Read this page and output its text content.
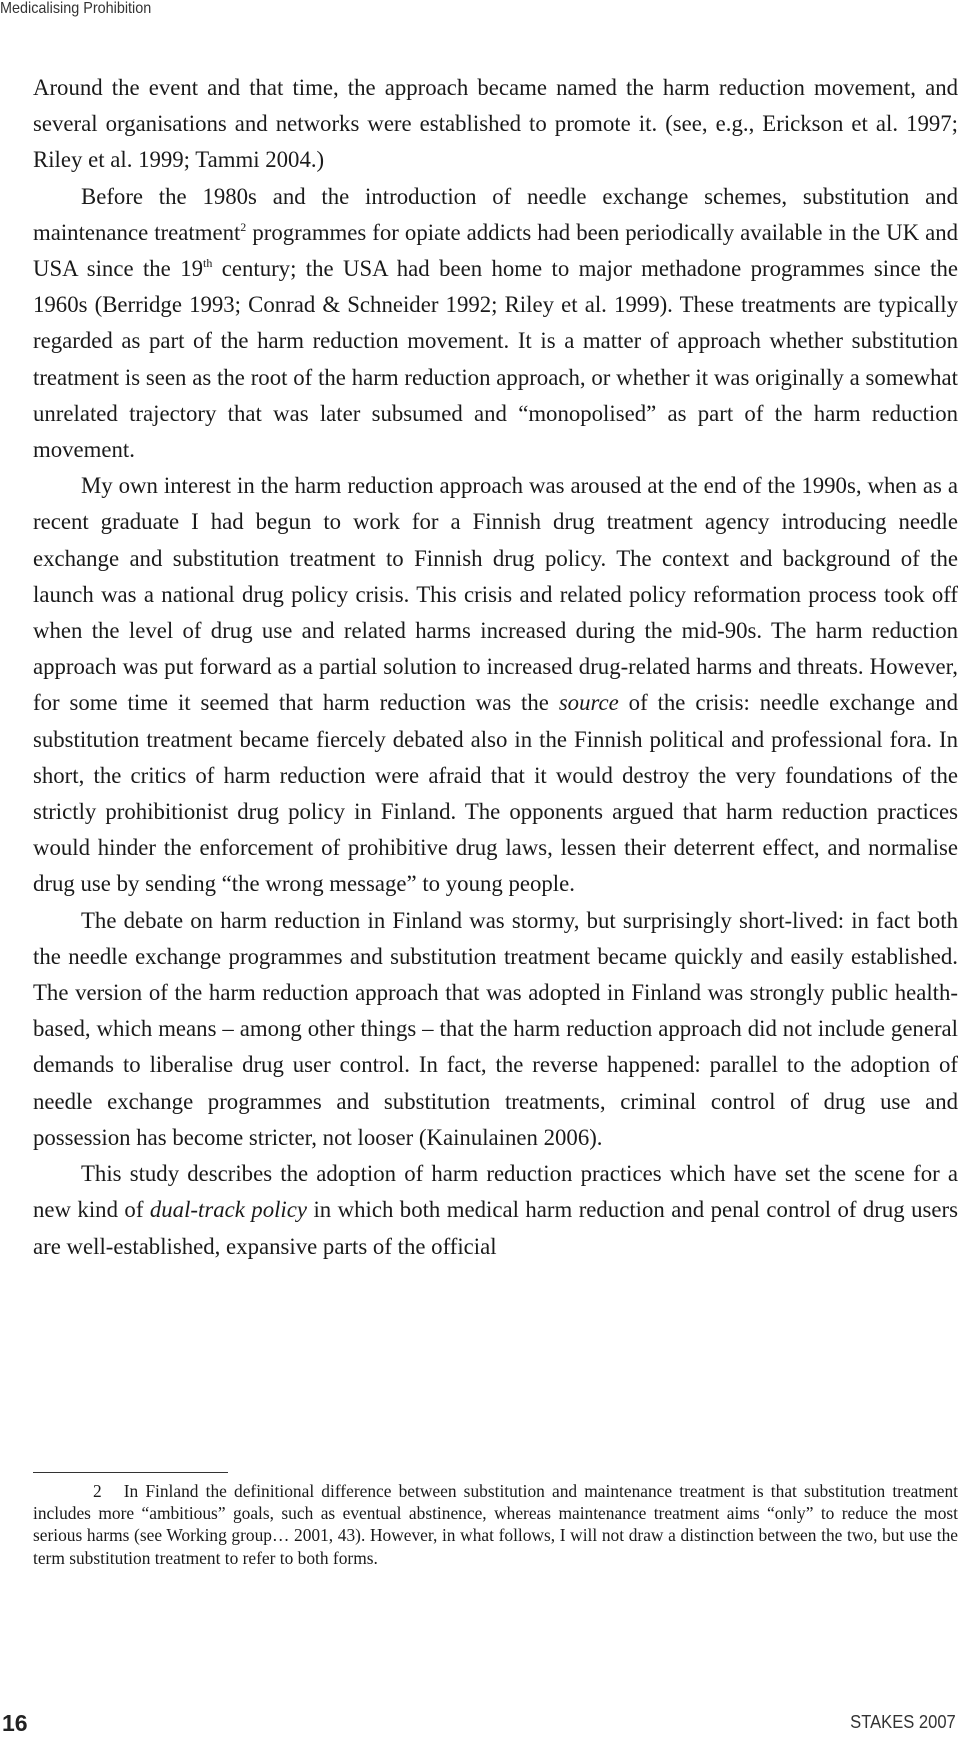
Medicalising Prohibition

Around the event and that time, the approach became named the harm reduction movement, and several organisations and networks were established to promote it. (see, e.g., Erickson et al. 1997; Riley et al. 1999; Tammi 2004.)

Before the 1980s and the introduction of needle exchange schemes, substitution and maintenance treatment$^2$ programmes for opiate addicts had been periodically available in the UK and USA since the 19th century; the USA had been home to major methadone programmes since the 1960s (Berridge 1993; Conrad & Schneider 1992; Riley et al. 1999). These treatments are typically regarded as part of the harm reduction movement. It is a matter of approach whether substitution treatment is seen as the root of the harm reduction approach, or whether it was originally a somewhat unrelated trajectory that was later subsumed and “monopolised” as part of the harm reduction movement.

My own interest in the harm reduction approach was aroused at the end of the 1990s, when as a recent graduate I had begun to work for a Finnish drug treatment agency introducing needle exchange and substitution treatment to Finnish drug policy. The context and background of the launch was a national drug policy crisis. This crisis and related policy reformation process took off when the level of drug use and related harms increased during the mid-90s. The harm reduction approach was put forward as a partial solution to increased drug-related harms and threats. However, for some time it seemed that harm reduction was the source of the crisis: needle exchange and substitution treatment became fiercely debated also in the Finnish political and professional fora. In short, the critics of harm reduction were afraid that it would destroy the very foundations of the strictly prohibitionist drug policy in Finland. The opponents argued that harm reduction practices would hinder the enforcement of prohibitive drug laws, lessen their deterrent effect, and normalise drug use by sending “the wrong message” to young people.

The debate on harm reduction in Finland was stormy, but surprisingly short-lived: in fact both the needle exchange programmes and substitution treatment became quickly and easily established. The version of the harm reduction approach that was adopted in Finland was strongly public health-based, which means – among other things – that the harm reduction approach did not include general demands to liberalise drug user control. In fact, the reverse happened: parallel to the adoption of needle exchange programmes and substitution treatments, criminal control of drug use and possession has become stricter, not looser (Kainulainen 2006).

This study describes the adoption of harm reduction practices which have set the scene for a new kind of dual-track policy in which both medical harm reduction and penal control of drug users are well-established, expansive parts of the official

2 In Finland the definitional difference between substitution and maintenance treatment is that substitution treatment includes more “ambitious” goals, such as eventual abstinence, whereas maintenance treatment aims “only” to reduce the most serious harms (see Working group… 2001, 43). However, in what follows, I will not draw a distinction between the two, but use the term substitution treatment to refer to both forms.
16	STAKES 2007
